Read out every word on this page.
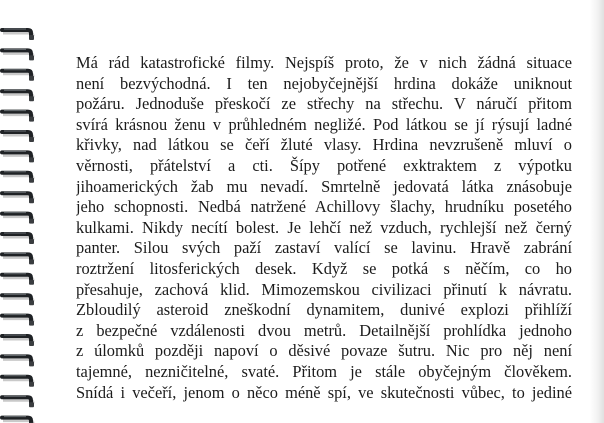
Má rád katastrofické filmy. Nejspíš proto, že v nich žádná situace
není bezvýchodná. I ten nejobyčejnější hrdina dokáže uniknout
požáru. Jednoduše přeskočí ze střechy na střechu. V náručí přitom
svírá krásnou ženu v průhledném negližé. Pod látkou se jí rýsují ladné
křivky, nad látkou se čeří žluté vlasy. Hrdina nevzrušeně mluví o
věrnosti, přátelství a cti. Šípy potřené exktraktem z výpotku
jihoamerických žab mu nevadí. Smrtelně jedovatá látka znásobuje
jeho schopnosti. Nedbá natržené Achillovy šlachy, hrudníku posetého
kulkami. Nikdy necítí bolest. Je lehčí než vzduch, rychlejší než černý
panter. Silou svých paží zastaví valící se lavinu. Hravě zabrání
roztržení litosferických desek. Když se potká s něčím, co ho
přesahuje, zachová klid. Mimozemskou civilizaci přinutí k návratu.
Zbloudilý asteroid zneškodní dynamitem, dunivé explozi přihlíží
z bezpečné vzdálenosti dvou metrů. Detailnější prohlídka jednoho
z úlomků později napoví o děsivé povaze šutru. Nic pro něj není
tajemné, nezničitelné, svaté. Přitom je stále obyčejným člověkem.
Snídá i večeří, jenom o něco méně spí, ve skutečnosti vůbec, to jediné
